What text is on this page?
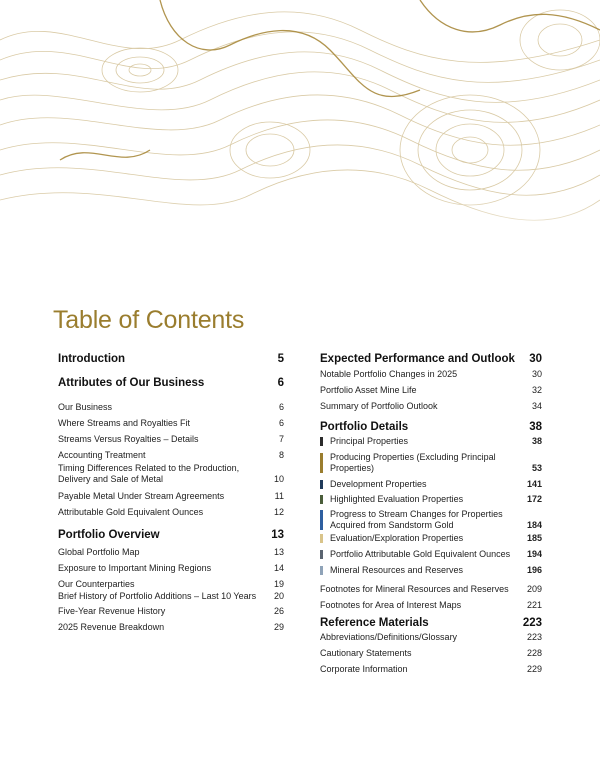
Table of Contents
Introduction	5
Attributes of Our Business	6
Our Business	6
Where Streams and Royalties Fit	6
Streams Versus Royalties – Details	7
Accounting Treatment	8
Timing Differences Related to the Production, Delivery and Sale of Metal	10
Payable Metal Under Stream Agreements	11
Attributable Gold Equivalent Ounces	12
Portfolio Overview	13
Global Portfolio Map	13
Exposure to Important Mining Regions	14
Our Counterparties	19
Brief History of Portfolio Additions – Last 10 Years	20
Five-Year Revenue History	26
2025 Revenue Breakdown	29
Expected Performance and Outlook	30
Notable Portfolio Changes in 2025	30
Portfolio Asset Mine Life	32
Summary of Portfolio Outlook	34
Portfolio Details	38
Principal Properties	38
Producing Properties (Excluding Principal Properties)	53
Development Properties	141
Highlighted Evaluation Properties	172
Progress to Stream Changes for Properties Acquired from Sandstorm Gold	184
Evaluation/Exploration Properties	185
Portfolio Attributable Gold Equivalent Ounces	194
Mineral Resources and Reserves	196
Footnotes for Mineral Resources and Reserves	209
Footnotes for Area of Interest Maps	221
Reference Materials	223
Abbreviations/Definitions/Glossary	223
Cautionary Statements	228
Corporate Information	229
